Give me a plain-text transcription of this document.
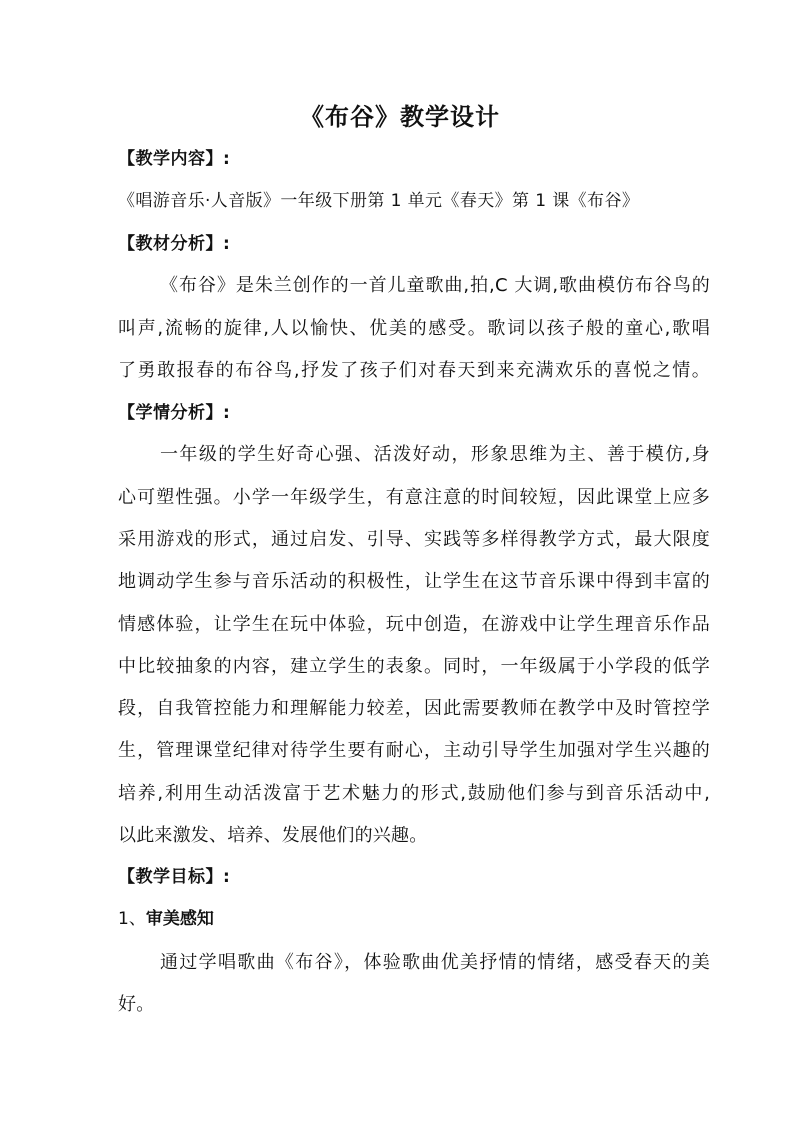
《布谷》教学设计
【教学内容】:
《唱游音乐·人音版》一年级下册第 1 单元《春天》第 1 课《布谷》
【教材分析】:
《布谷》是朱兰创作的一首儿童歌曲,拍,C 大调,歌曲模仿布谷鸟的
叫声,流畅的旋律,人以愉快、优美的感受。歌词以孩子般的童心,歌唱
了勇敢报春的布谷鸟,抒发了孩子们对春天到来充满欢乐的喜悦之情。
【学情分析】:
一年级的学生好奇心强、活泼好动，形象思维为主、善于模仿,身
心可塑性强。小学一年级学生，有意注意的时间较短，因此课堂上应多
采用游戏的形式，通过启发、引导、实践等多样得教学方式，最大限度
地调动学生参与音乐活动的积极性，让学生在这节音乐课中得到丰富的
情感体验，让学生在玩中体验，玩中创造，在游戏中让学生理音乐作品
中比较抽象的内容，建立学生的表象。同时，一年级属于小学段的低学
段，自我管控能力和理解能力较差，因此需要教师在教学中及时管控学
生，管理课堂纪律对待学生要有耐心，主动引导学生加强对学生兴趣的
培养,利用生动活泼富于艺术魅力的形式,鼓励他们参与到音乐活动中,
以此来激发、培养、发展他们的兴趣。
【教学目标】:
1、审美感知
通过学唱歌曲《布谷》，体验歌曲优美抒情的情绪，感受春天的美
好。
